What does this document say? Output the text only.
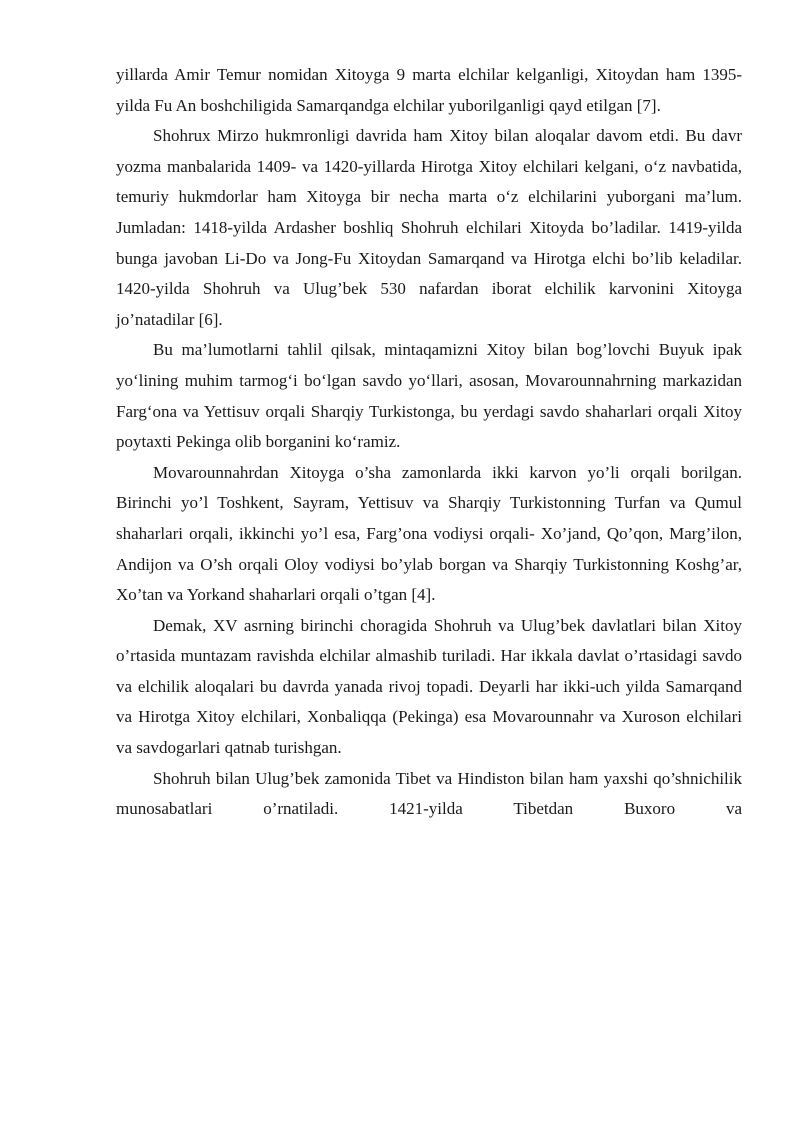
yillarda Amir Temur nomidan Xitoyga 9 marta elchilar kelganligi, Xitoydan ham 1395-yilda Fu An boshchiligida Samarqandga elchilar yuborilganligi qayd etilgan [7].

Shohrux Mirzo hukmronligi davrida ham Xitoy bilan aloqalar davom etdi. Bu davr yozma manbalarida 1409- va 1420-yillarda Hirotga Xitoy elchilari kelgani, oʻz navbatida, temuriy hukmdorlar ham Xitoyga bir necha marta oʻz elchilarini yuborgani ma’lum. Jumladan: 1418-yilda Ardasher boshliq Shohruh elchilari Xitoyda bo’ladilar. 1419-yilda bunga javoban Li-Do va Jong-Fu Xitoydan Samarqand va Hirotga elchi bo’lib keladilar. 1420-yilda Shohruh va Ulug’bek 530 nafardan iborat elchilik karvonini Xitoyga jo’natadilar [6].

Bu ma’lumotlarni tahlil qilsak, mintaqamizni Xitoy bilan bog’lovchi Buyuk ipak yoʻlining muhim tarmogʻi boʻlgan savdo yoʻllari, asosan, Movarounnahrning markazidan Fargʻona va Yettisuv orqali Sharqiy Turkistonga, bu yerdagi savdo shaharlari orqali Xitoy poytaxti Pekinga olib borganini koʻramiz.

Movarounnahrdan Xitoyga o’sha zamonlarda ikki karvon yo’li orqali borilgan. Birinchi yo’l Toshkent, Sayram, Yettisuv va Sharqiy Turkistonning Turfan va Qumul shaharlari orqali, ikkinchi yo’l esa, Farg’ona vodiysi orqali- Xo’jand, Qo’qon, Marg’ilon, Andijon va O’sh orqali Oloy vodiysi bo’ylab borgan va Sharqiy Turkistonning Koshg’ar, Xo’tan va Yorkand shaharlari orqali o’tgan [4].

Demak, XV asrning birinchi choragida Shohruh va Ulug’bek davlatlari bilan Xitoy o’rtasida muntazam ravishda elchilar almashib turiladi. Har ikkala davlat o’rtasidagi savdo va elchilik aloqalari bu davrda yanada rivoj topadi. Deyarli har ikki-uch yilda Samarqand va Hirotga Xitoy elchilari, Xonbaliqqa (Pekinga) esa Movarounnahr va Xuroson elchilari va savdogarlari qatnab turishgan.

Shohruh bilan Ulug’bek zamonida Tibet va Hindiston bilan ham yaxshi qo’shnichilik munosabatlari o’rnatiladi. 1421-yilda Tibetdan Buxoro va
